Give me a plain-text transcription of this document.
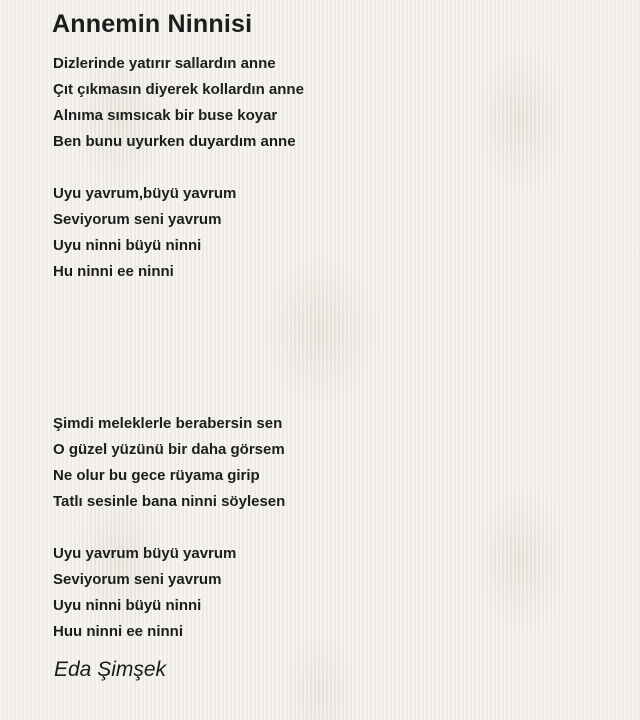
Annemin Ninnisi
Dizlerinde yatırır sallardın anne
Çıt çıkmasın diyerek kollardın anne
Alnıma sımsıcak bir buse koyar
Ben bunu uyurken duyardım anne
Uyu yavrum,büyü yavrum
Seviyorum seni yavrum
Uyu ninni büyü ninni
Hu ninni ee ninni
Şimdi meleklerle berabersin sen
O güzel yüzünü bir daha görsem
Ne olur bu gece rüyama girip
Tatlı sesinle bana ninni söylesen
Uyu yavrum büyü yavrum
Seviyorum seni yavrum
Uyu ninni büyü ninni
Huu ninni ee ninni

Eda Şimşek
